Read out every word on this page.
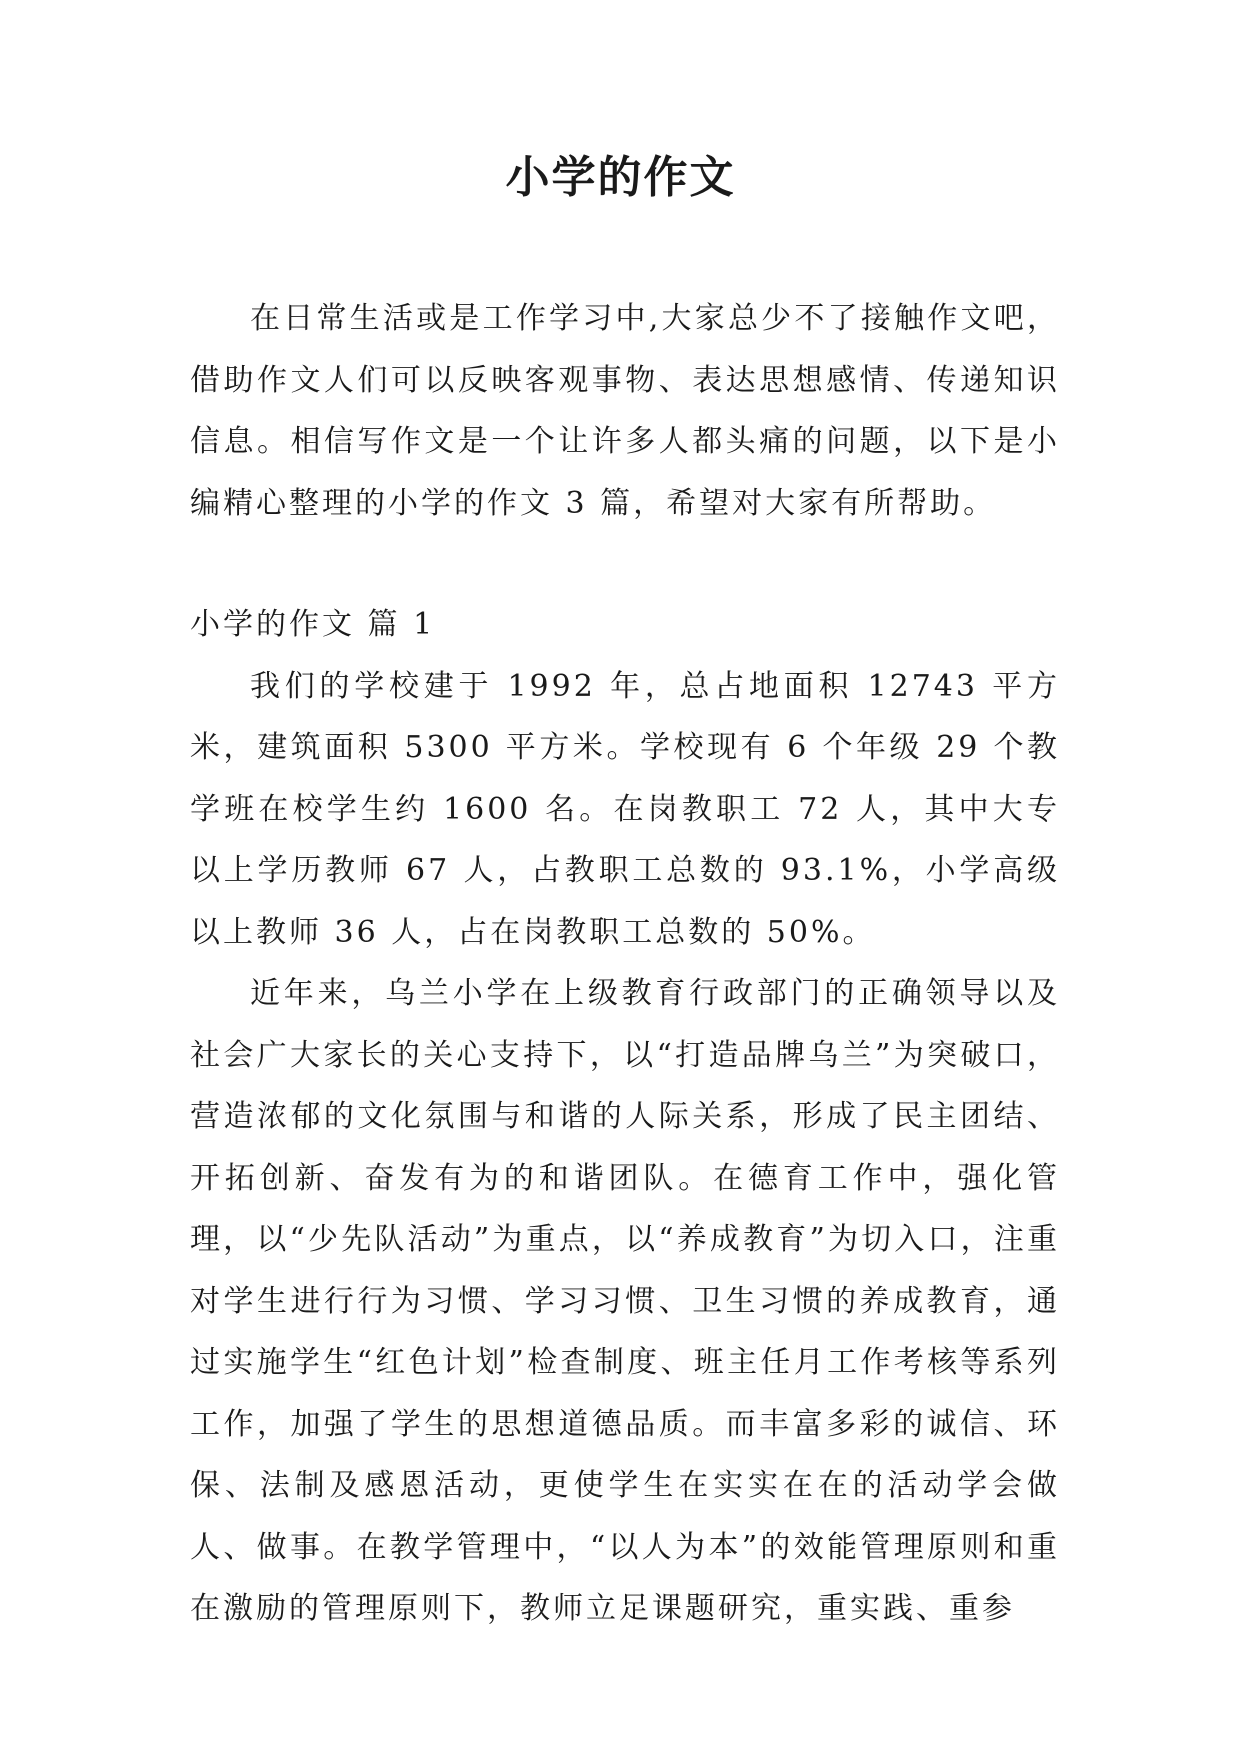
小学的作文

在日常生活或是工作学习中,大家总少不了接触作文吧，借助作文人们可以反映客观事物、表达思想感情、传递知识信息。相信写作文是一个让许多人都头痛的问题，以下是小编精心整理的小学的作文 3 篇，希望对大家有所帮助。

小学的作文 篇 1

我们的学校建于 1992 年，总占地面积 12743 平方米，建筑面积 5300 平方米。学校现有 6 个年级 29 个教学班在校学生约 1600 名。在岗教职工 72 人，其中大专以上学历教师 67 人，占教职工总数的 93.1%，小学高级以上教师 36 人，占在岗教职工总数的 50%。

近年来，乌兰小学在上级教育行政部门的正确领导以及社会广大家长的关心支持下，以“打造品牌乌兰”为突破口，营造浓郁的文化氛围与和谐的人际关系，形成了民主团结、开拓创新、奋发有为的和谐团队。在德育工作中，强化管理，以“少先队活动”为重点，以“养成教育”为切入口，注重对学生进行行为习惯、学习习惯、卫生习惯的养成教育，通过实施学生“红色计划”检查制度、班主任月工作考核等系列工作，加强了学生的思想道德品质。而丰富多彩的诚信、环保、法制及感恩活动，更使学生在实实在在的活动学会做人、做事。在教学管理中，“以人为本”的效能管理原则和重在激励的管理原则下，教师立足课题研究，重实践、重参
